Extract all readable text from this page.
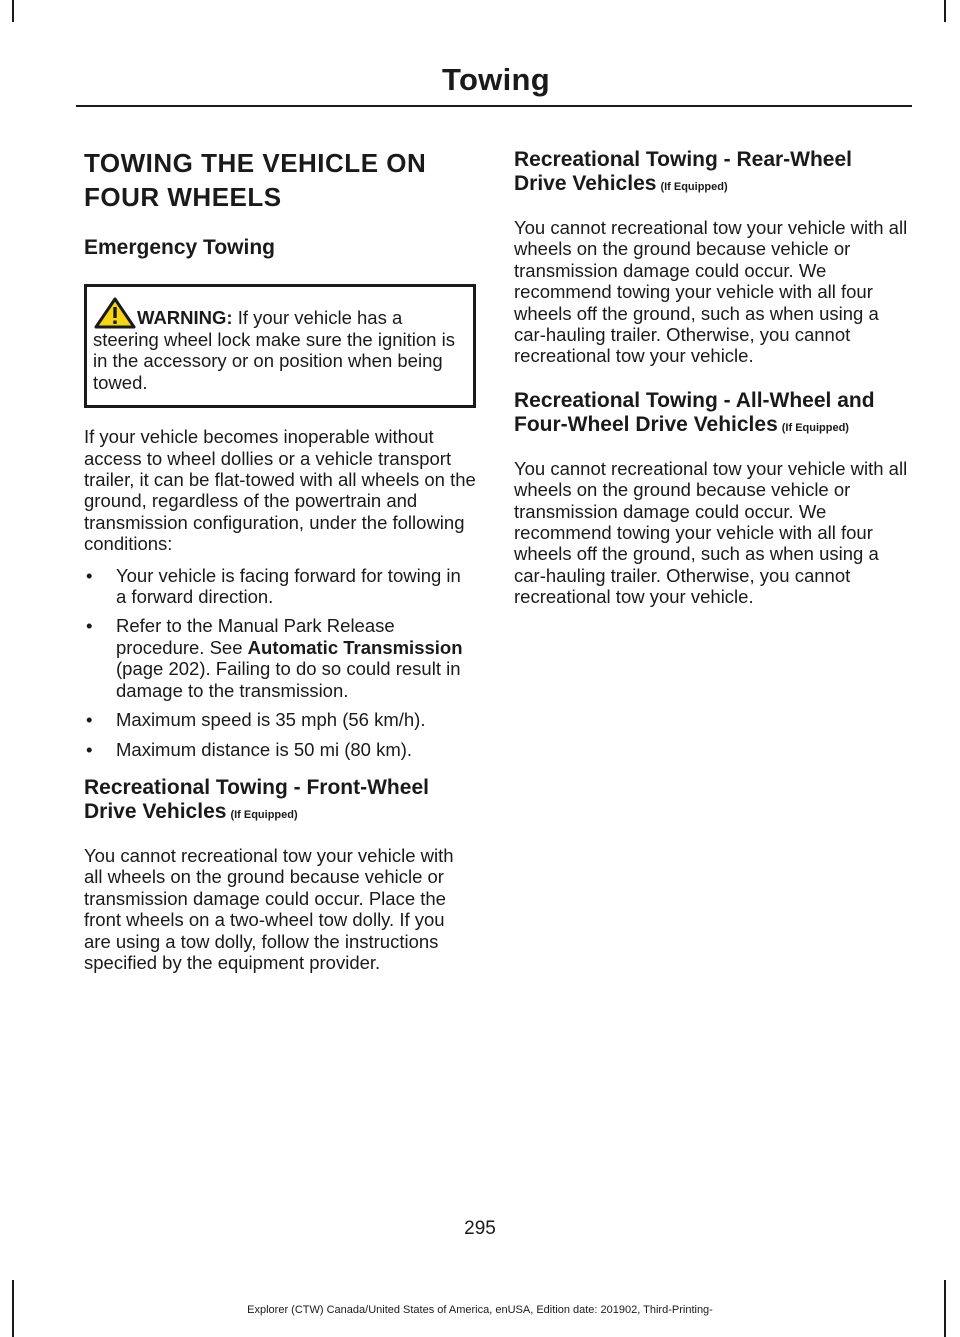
Towing
TOWING THE VEHICLE ON
FOUR WHEELS
Emergency Towing
WARNING: If your vehicle has a steering wheel lock make sure the ignition is in the accessory or on position when being towed.

If your vehicle becomes inoperable without access to wheel dollies or a vehicle transport trailer, it can be flat-towed with all wheels on the ground, regardless of the powertrain and transmission configuration, under the following conditions:

• Your vehicle is facing forward for towing in a forward direction.
• Refer to the Manual Park Release procedure. See Automatic Transmission (page 202). Failing to do so could result in damage to the transmission.
• Maximum speed is 35 mph (56 km/h).
• Maximum distance is 50 mi (80 km).
Recreational Towing - Front-Wheel Drive Vehicles (If Equipped)

You cannot recreational tow your vehicle with all wheels on the ground because vehicle or transmission damage could occur. Place the front wheels on a two-wheel tow dolly. If you are using a tow dolly, follow the instructions specified by the equipment provider.

Recreational Towing - Rear-Wheel Drive Vehicles (If Equipped)

You cannot recreational tow your vehicle with all wheels on the ground because vehicle or transmission damage could occur. We recommend towing your vehicle with all four wheels off the ground, such as when using a car-hauling trailer. Otherwise, you cannot recreational tow your vehicle.

Recreational Towing - All-Wheel and Four-Wheel Drive Vehicles (If Equipped)

You cannot recreational tow your vehicle with all wheels on the ground because vehicle or transmission damage could occur. We recommend towing your vehicle with all four wheels off the ground, such as when using a car-hauling trailer. Otherwise, you cannot recreational tow your vehicle.

295
Explorer (CTW) Canada/United States of America, enUSA, Edition date: 201902, Third-Printing-
